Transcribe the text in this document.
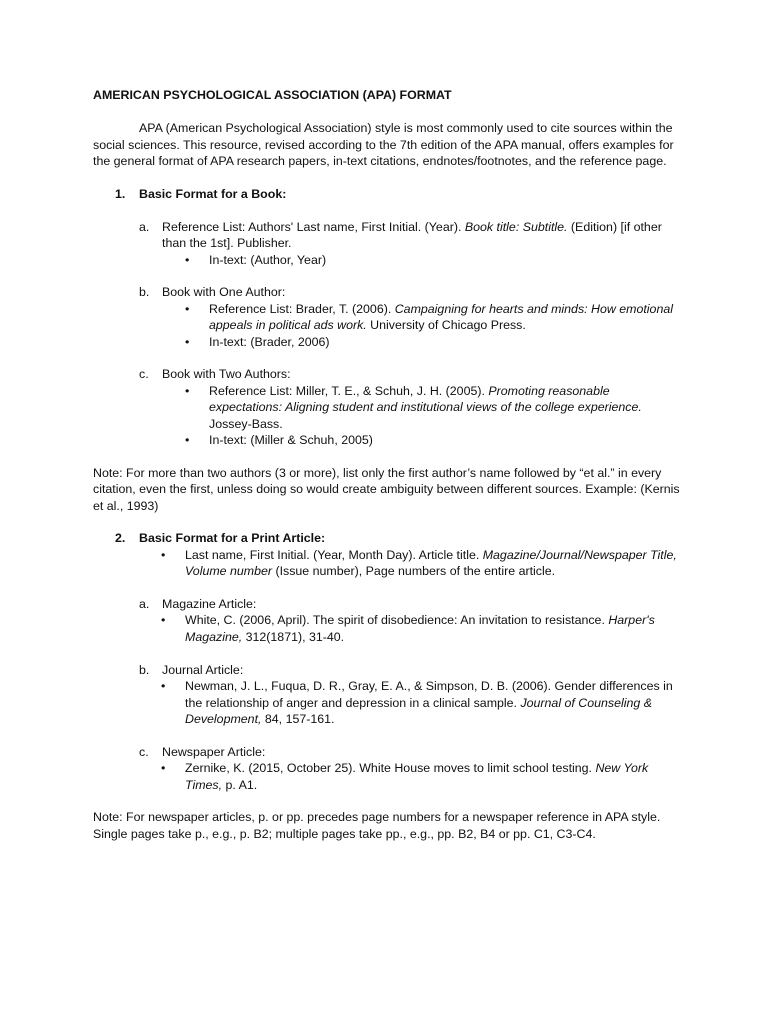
AMERICAN PSYCHOLOGICAL ASSOCIATION (APA) FORMAT

APA (American Psychological Association) style is most commonly used to cite sources within the social sciences. This resource, revised according to the 7th edition of the APA manual, offers examples for the general format of APA research papers, in-text citations, endnotes/footnotes, and the reference page.

1. Basic Format for a Book:
a. Reference List: Authors' Last name, First Initial. (Year). Book title: Subtitle. (Edition) [if other than the 1st]. Publisher.
• In-text: (Author, Year)
b. Book with One Author:
• Reference List: Brader, T. (2006). Campaigning for hearts and minds: How emotional appeals in political ads work. University of Chicago Press.
• In-text: (Brader, 2006)
c. Book with Two Authors:
• Reference List: Miller, T. E., & Schuh, J. H. (2005). Promoting reasonable expectations: Aligning student and institutional views of the college experience. Jossey-Bass.
• In-text: (Miller & Schuh, 2005)

Note: For more than two authors (3 or more), list only the first author’s name followed by “et al.” in every citation, even the first, unless doing so would create ambiguity between different sources. Example: (Kernis et al., 1993)

2. Basic Format for a Print Article:
• Last name, First Initial. (Year, Month Day). Article title. Magazine/Journal/Newspaper Title, Volume number (Issue number), Page numbers of the entire article.
a. Magazine Article:
• White, C. (2006, April). The spirit of disobedience: An invitation to resistance. Harper's Magazine, 312(1871), 31-40.
b. Journal Article:
• Newman, J. L., Fuqua, D. R., Gray, E. A., & Simpson, D. B. (2006). Gender differences in the relationship of anger and depression in a clinical sample. Journal of Counseling & Development, 84, 157-161.
c. Newspaper Article:
• Zernike, K. (2015, October 25). White House moves to limit school testing. New York Times, p. A1.

Note: For newspaper articles, p. or pp. precedes page numbers for a newspaper reference in APA style. Single pages take p., e.g., p. B2; multiple pages take pp., e.g., pp. B2, B4 or pp. C1, C3-C4.
